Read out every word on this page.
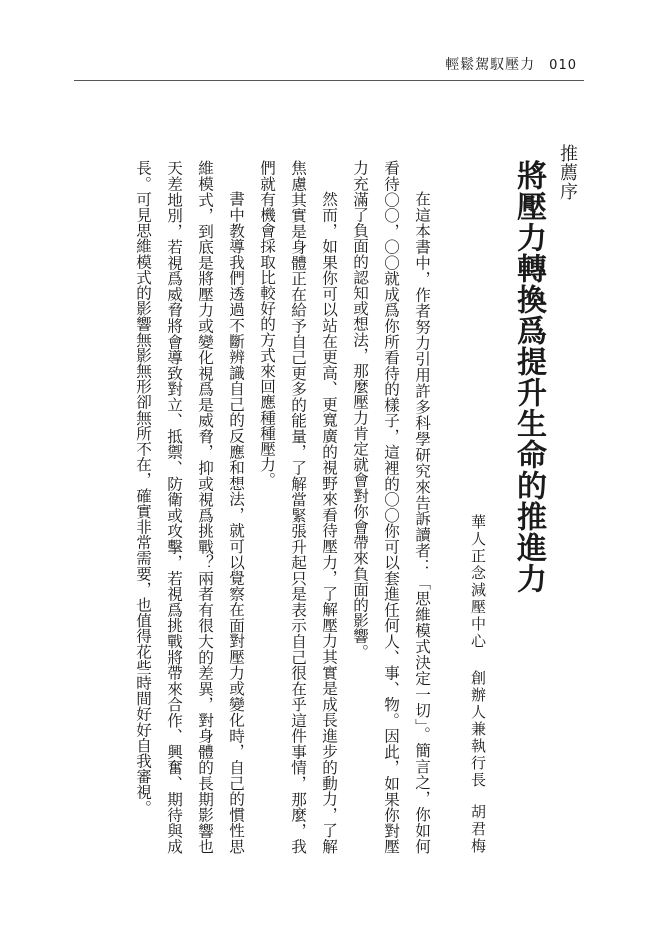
輕鬆駕馭壓力 010
推薦序
將壓力轉換爲提升生命的推進力
華人正念減壓中心 創辦人兼執行長
胡君梅

在這本書中，作者努力引用許多科學研究來告訴讀者：「思維模式決定一切」。簡言之，你如何看待〇〇，〇〇就成爲你所看待的樣子，這裡的〇〇你可以套進任何人、事、物。因此，如果你對壓力充滿了負面的認知或想法，那麼壓力肯定就會對你會帶來負面的影響。

然而，如果你可以站在更高、更寬廣的視野來看待壓力，了解壓力其實是成長進步的動力，了解焦慮其實是身體正在給予自己更多的能量，了解當緊張升起只是表示自己很在乎這件事情，那麼，我們就有機會採取比較好的方式來回應種種壓力。

書中教導我們透過不斷辨識自己的反應和想法，就可以覺察在面對壓力或變化時，自己的慣性思維模式，到底是將壓力或變化視爲是威脅，抑或視爲挑戰？兩者有很大的差異，對身體的長期影響也天差地別，若視爲威脅將會導致對立、抵禦、防衛或攻擊，若視爲挑戰將帶來合作、興奮、期待與成長。可見思維模式的影響無影無形卻無所不在，確實非常需要，也值得花些時間好好自我審視。
